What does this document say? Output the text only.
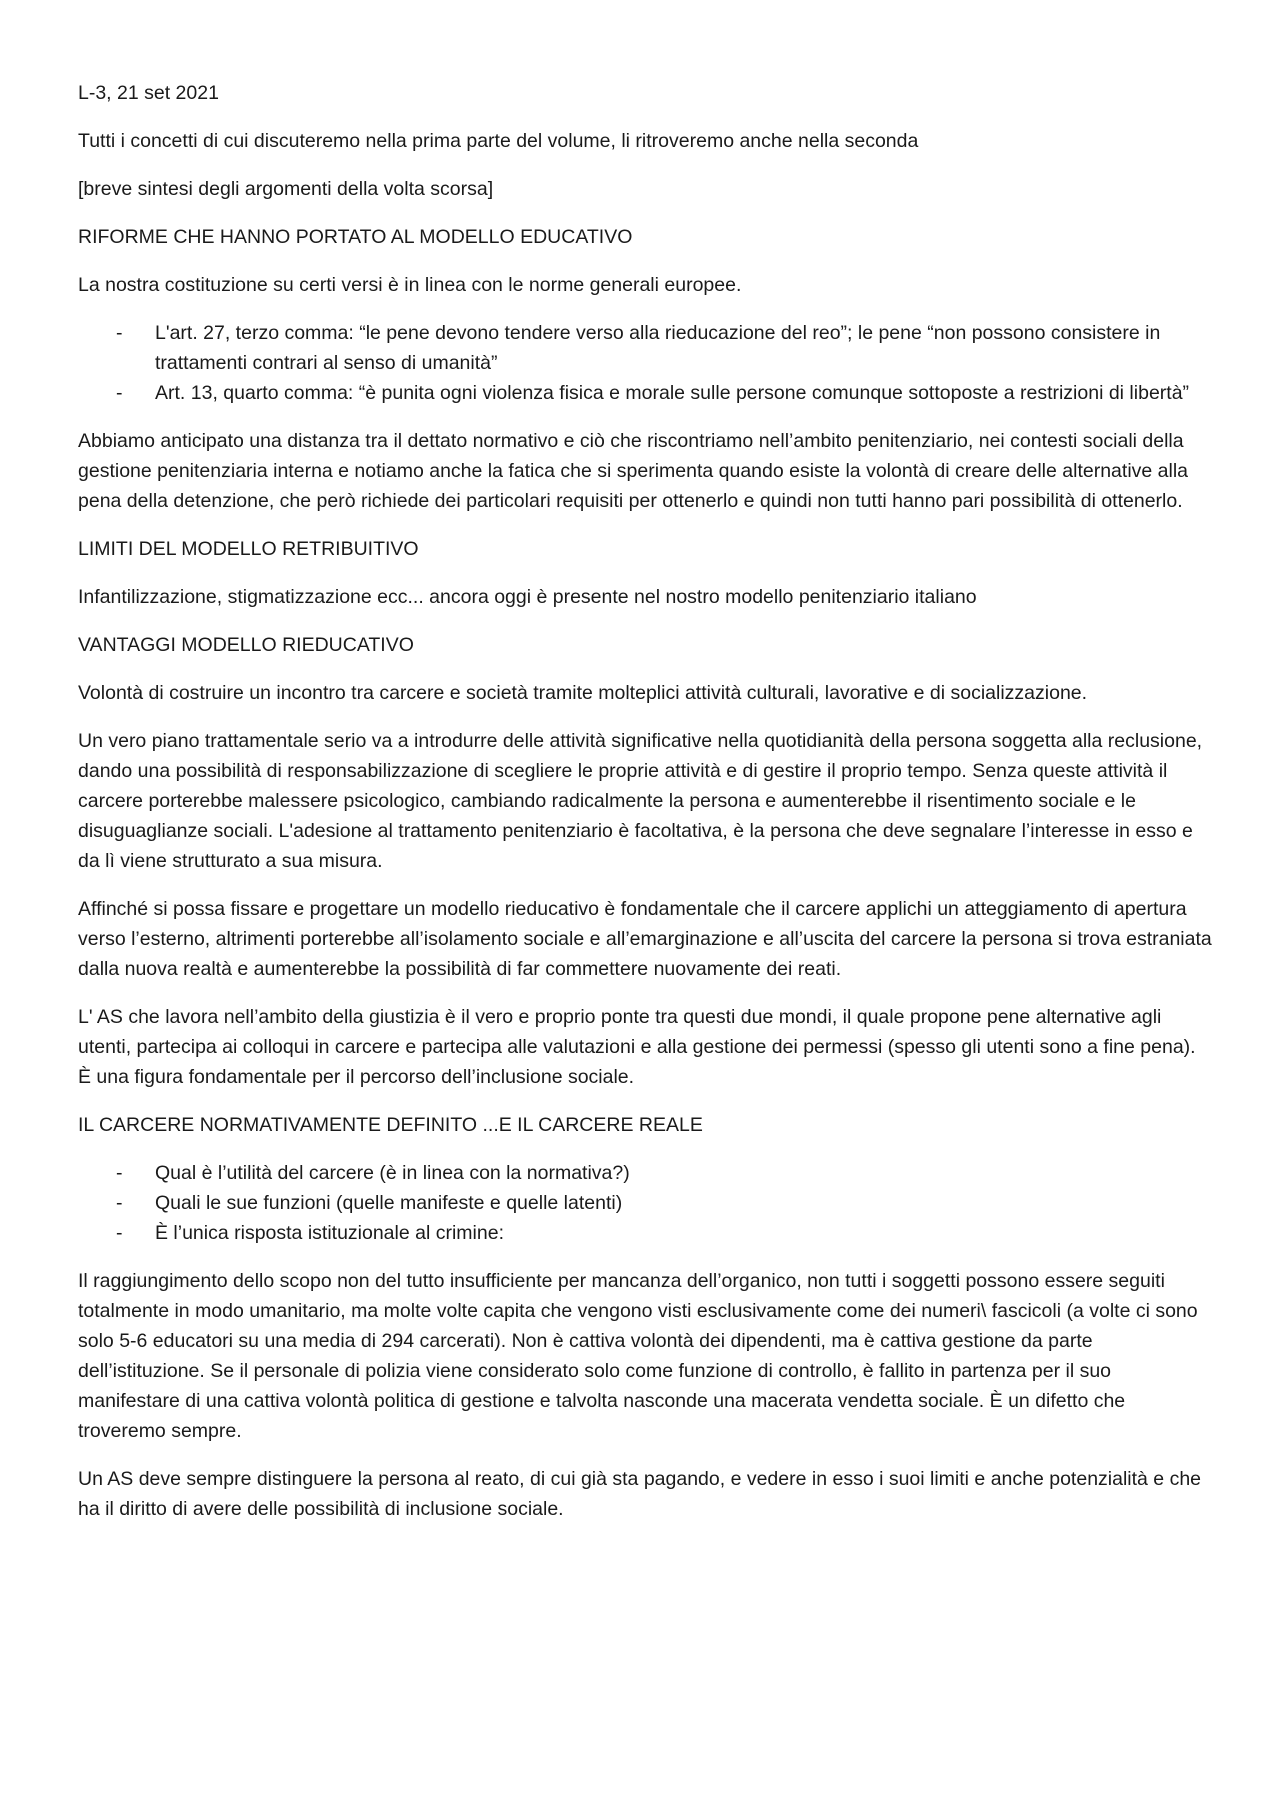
L-3, 21 set 2021

Tutti i concetti di cui discuteremo nella prima parte del volume, li ritroveremo anche nella seconda

[breve sintesi degli argomenti della volta scorsa]

RIFORME CHE HANNO PORTATO AL MODELLO EDUCATIVO

La nostra costituzione su certi versi è in linea con le norme generali europee.

- L'art. 27, terzo comma: “le pene devono tendere verso alla rieducazione del reo”; le pene “non possono consistere in trattamenti contrari al senso di umanità”
- Art. 13, quarto comma: “è punita ogni violenza fisica e morale sulle persone comunque sottoposte a restrizioni di libertà”

Abbiamo anticipato una distanza tra il dettato normativo e ciò che riscontriamo nell’ambito penitenziario, nei contesti sociali della gestione penitenziaria interna e notiamo anche la fatica che si sperimenta quando esiste la volontà di creare delle alternative alla pena della detenzione, che però richiede dei particolari requisiti per ottenerlo e quindi non tutti hanno pari possibilità di ottenerlo.

LIMITI DEL MODELLO RETRIBUITIVO

Infantilizzazione, stigmatizzazione ecc... ancora oggi è presente nel nostro modello penitenziario italiano

VANTAGGI MODELLO RIEDUCATIVO

Volontà di costruire un incontro tra carcere e società tramite molteplici attività culturali, lavorative e di socializzazione.

Un vero piano trattamentale serio va a introdurre delle attività significative nella quotidianità della persona soggetta alla reclusione, dando una possibilità di responsabilizzazione di scegliere le proprie attività e di gestire il proprio tempo. Senza queste attività il carcere porterebbe malessere psicologico, cambiando radicalmente la persona e aumenterebbe il risentimento sociale e le disuguaglianze sociali. L'adesione al trattamento penitenziario è facoltativa, è la persona che deve segnalare l’interesse in esso e da lì viene strutturato a sua misura.

Affinché si possa fissare e progettare un modello rieducativo è fondamentale che il carcere applichi un atteggiamento di apertura verso l’esterno, altrimenti porterebbe all’isolamento sociale e all’emarginazione e all’uscita del carcere la persona si trova estraniata dalla nuova realtà e aumenterebbe la possibilità di far commettere nuovamente dei reati.

L' AS che lavora nell’ambito della giustizia è il vero e proprio ponte tra questi due mondi, il quale propone pene alternative agli utenti, partecipa ai colloqui in carcere e partecipa alle valutazioni e alla gestione dei permessi (spesso gli utenti sono a fine pena). È una figura fondamentale per il percorso dell’inclusione sociale.

IL CARCERE NORMATIVAMENTE DEFINITO ...E IL CARCERE REALE

- Qual è l’utilità del carcere (è in linea con la normativa?)
- Quali le sue funzioni (quelle manifeste e quelle latenti)
- È l’unica risposta istituzionale al crimine:

Il raggiungimento dello scopo non del tutto insufficiente per mancanza dell’organico, non tutti i soggetti possono essere seguiti totalmente in modo umanitario, ma molte volte capita che vengono visti esclusivamente come dei numeri\ fascicoli (a volte ci sono solo 5-6 educatori su una media di 294 carcerati). Non è cattiva volontà dei dipendenti, ma è cattiva gestione da parte dell’istituzione. Se il personale di polizia viene considerato solo come funzione di controllo, è fallito in partenza per il suo manifestare di una cattiva volontà politica di gestione e talvolta nasconde una macerata vendetta sociale. È un difetto che troveremo sempre.

Un AS deve sempre distinguere la persona al reato, di cui già sta pagando, e vedere in esso i suoi limiti e anche potenzialità e che ha il diritto di avere delle possibilità di inclusione sociale.
